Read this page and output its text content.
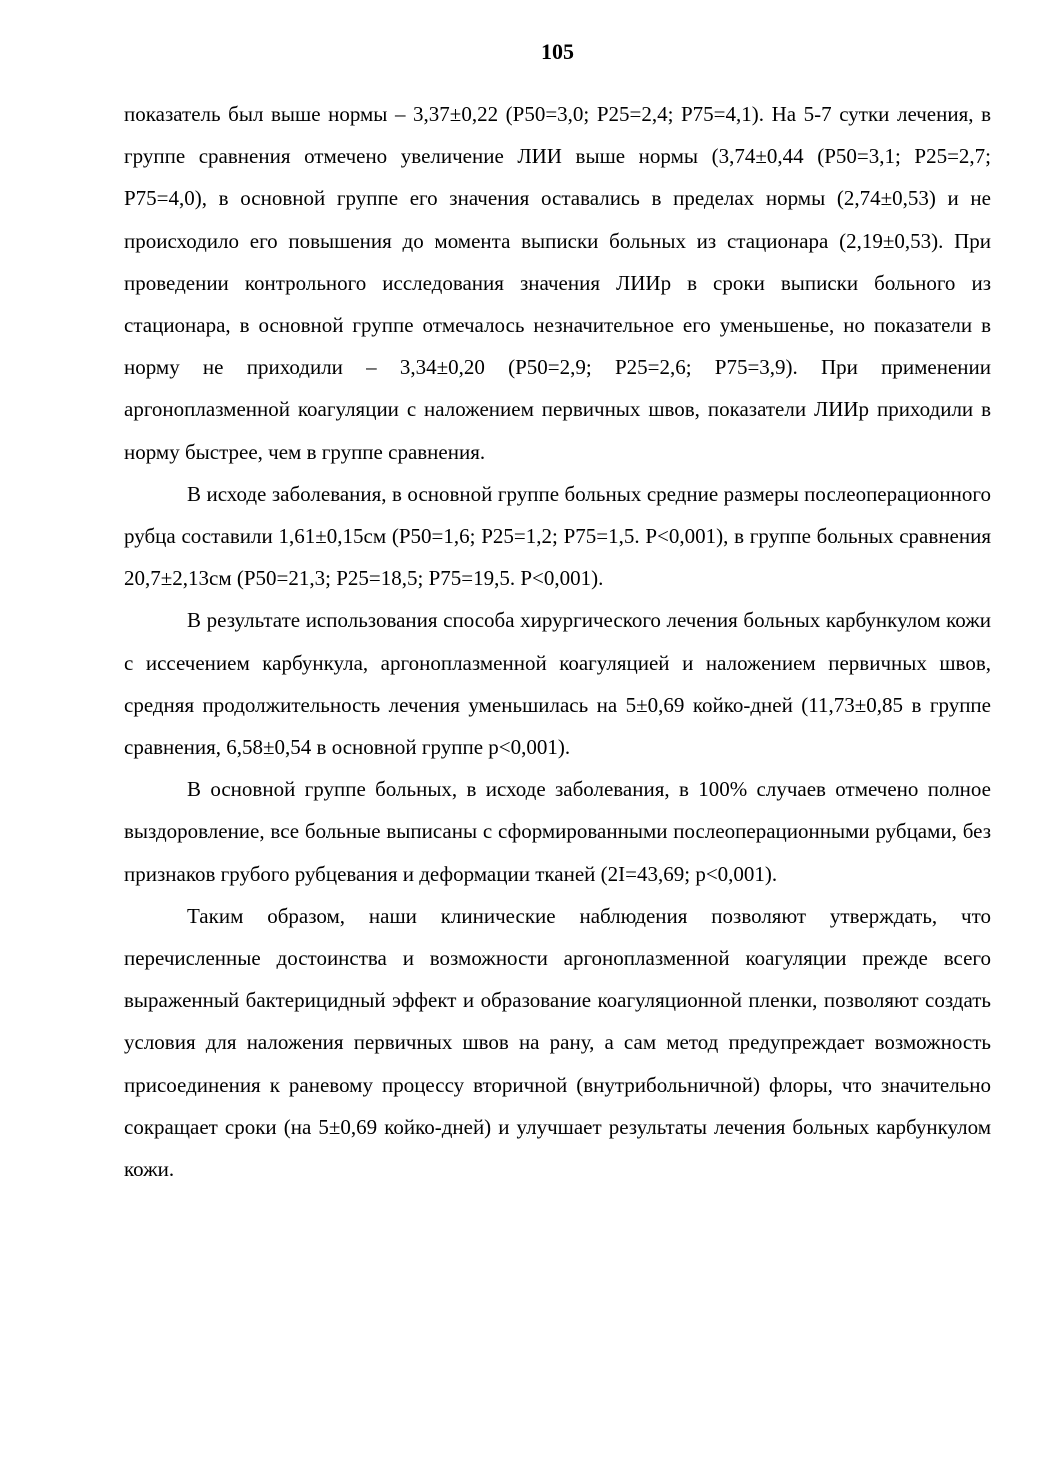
105

показатель был выше нормы – 3,37±0,22 (P50=3,0; P25=2,4; P75=4,1). На 5-7 сутки лечения, в группе сравнения отмечено увеличение ЛИИ выше нормы (3,74±0,44 (P50=3,1; P25=2,7; P75=4,0), в основной группе его значения оставались в пределах нормы (2,74±0,53) и не происходило его повышения до момента выписки больных из стационара (2,19±0,53). При проведении контрольного исследования значения ЛИИр в сроки выписки больного из стационара, в основной группе отмечалось незначительное его уменьшенье, но показатели в норму не приходили – 3,34±0,20 (P50=2,9; P25=2,6; P75=3,9). При применении аргоноплазменной коагуляции с наложением первичных швов, показатели ЛИИр приходили в норму быстрее, чем в группе сравнения.

В исходе заболевания, в основной группе больных средние размеры послеоперационного рубца составили 1,61±0,15см (P50=1,6; P25=1,2; P75=1,5. P<0,001), в группе больных сравнения 20,7±2,13см (P50=21,3; P25=18,5; P75=19,5. P<0,001).

В результате использования способа хирургического лечения больных карбункулом кожи с иссечением карбункула, аргоноплазменной коагуляцией и наложением первичных швов, средняя продолжительность лечения уменьшилась на 5±0,69 койко-дней (11,73±0,85 в группе сравнения, 6,58±0,54 в основной группе p<0,001).

В основной группе больных, в исходе заболевания, в 100% случаев отмечено полное выздоровление, все больные выписаны с сформированными послеоперационными рубцами, без признаков грубого рубцевания и деформации тканей (2I=43,69; p<0,001).

Таким образом, наши клинические наблюдения позволяют утверждать, что перечисленные достоинства и возможности аргоноплазменной коагуляции прежде всего выраженный бактерицидный эффект и образование коагуляционной пленки, позволяют создать условия для наложения первичных швов на рану, а сам метод предупреждает возможность присоединения к раневому процессу вторичной (внутрибольничной) флоры, что значительно сокращает сроки (на 5±0,69 койко-дней) и улучшает результаты лечения больных карбункулом кожи.
